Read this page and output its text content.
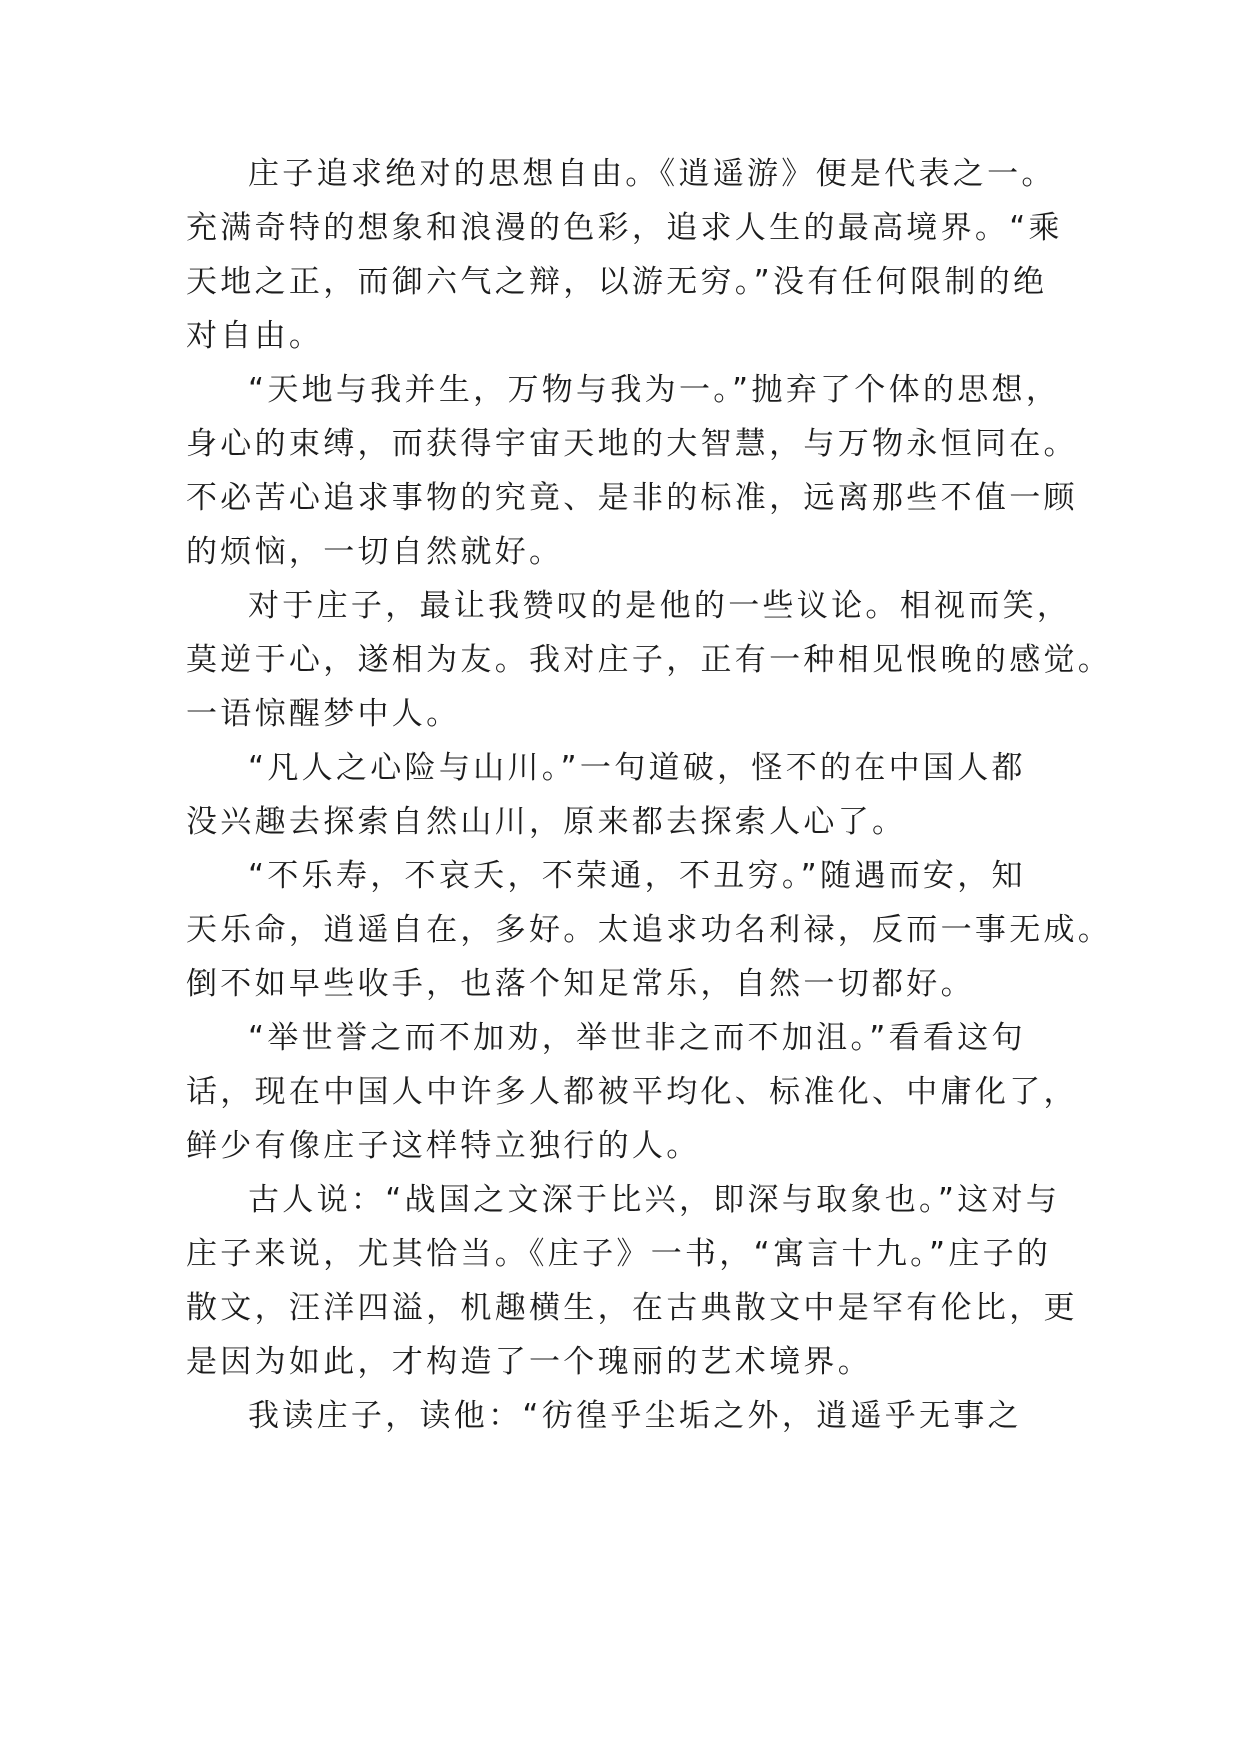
庄子追求绝对的思想自由。《逍遥游》便是代表之一。
充满奇特的想象和浪漫的色彩，追求人生的最高境界。“乘
天地之正，而御六气之辩，以游无穷。”没有任何限制的绝
对自由。
“天地与我并生，万物与我为一。”抛弃了个体的思想，
身心的束缚，而获得宇宙天地的大智慧，与万物永恒同在。
不必苦心追求事物的究竟、是非的标准，远离那些不值一顾
的烦恼，一切自然就好。
对于庄子，最让我赞叹的是他的一些议论。相视而笑，
莫逆于心，遂相为友。我对庄子，正有一种相见恨晚的感觉。
一语惊醒梦中人。
“凡人之心险与山川。”一句道破，怪不的在中国人都
没兴趣去探索自然山川，原来都去探索人心了。
“不乐寿，不哀夭，不荣通，不丑穷。”随遇而安，知
天乐命，逍遥自在，多好。太追求功名利禄，反而一事无成。
倒不如早些收手，也落个知足常乐，自然一切都好。
“举世誉之而不加劝，举世非之而不加沮。”看看这句
话，现在中国人中许多人都被平均化、标准化、中庸化了，
鲜少有像庄子这样特立独行的人。
古人说：“战国之文深于比兴，即深与取象也。”这对与
庄子来说，尤其恰当。《庄子》一书，“寓言十九。”庄子的
散文，汪洋四溢，机趣横生，在古典散文中是罕有伦比，更
是因为如此，才构造了一个瑰丽的艺术境界。
我读庄子，读他：“彷徨乎尘垢之外，逍遥乎无事之
